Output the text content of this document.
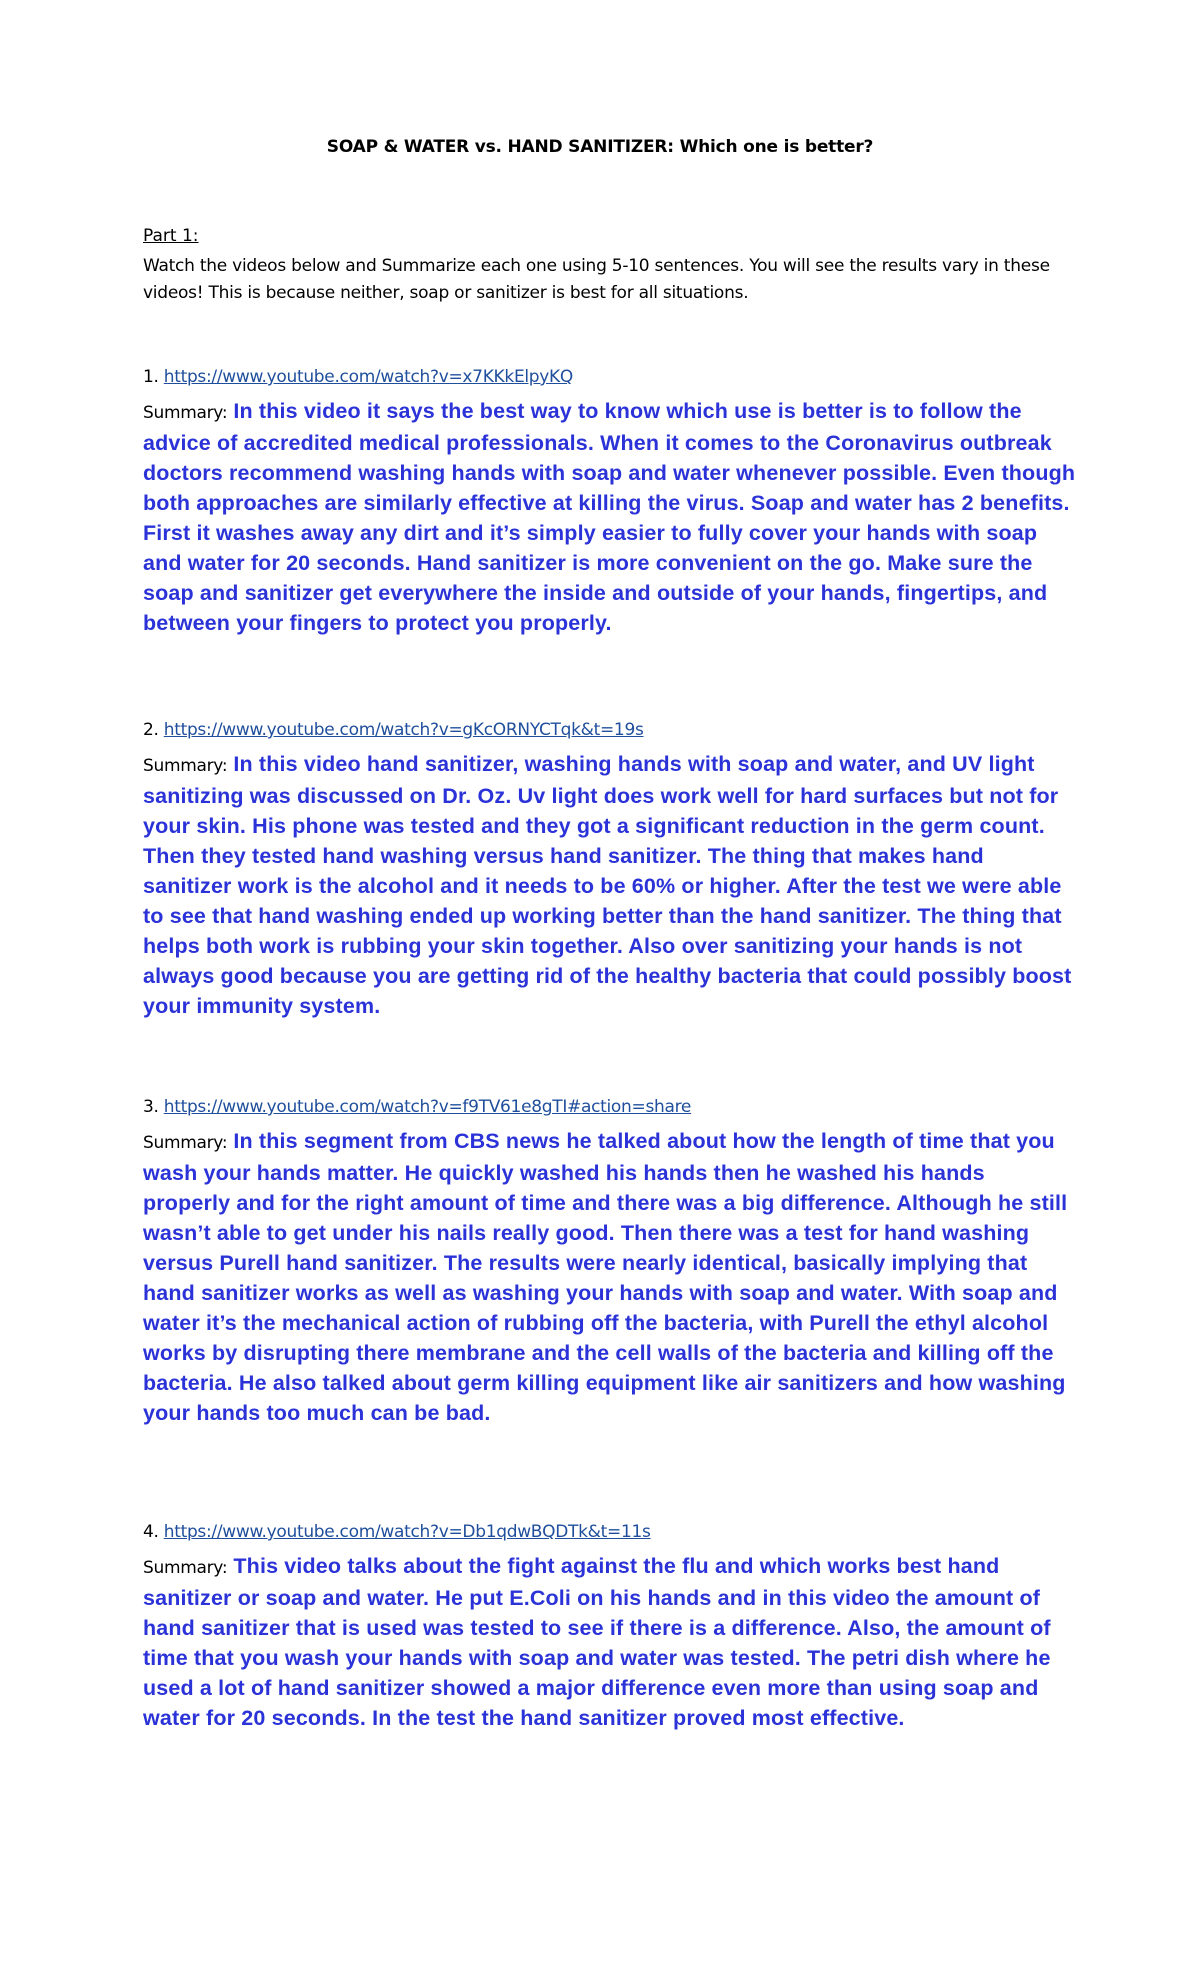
SOAP & WATER vs. HAND SANITIZER: Which one is better?
Part 1:
Watch the videos below and Summarize each one using 5-10 sentences. You will see the results vary in these videos! This is because neither, soap or sanitizer is best for all situations.
1. https://www.youtube.com/watch?v=x7KKkElpyKQ
Summary: In this video it says the best way to know which use is better is to follow the advice of accredited medical professionals. When it comes to the Coronavirus outbreak doctors recommend washing hands with soap and water whenever possible. Even though both approaches are similarly effective at killing the virus. Soap and water has 2 benefits. First it washes away any dirt and it’s simply easier to fully cover your hands with soap and water for 20 seconds. Hand sanitizer is more convenient on the go. Make sure the soap and sanitizer get everywhere the inside and outside of your hands, fingertips, and between your fingers to protect you properly.
2. https://www.youtube.com/watch?v=gKcORNYCTqk&t=19s
Summary: In this video hand sanitizer, washing hands with soap and water, and UV light sanitizing was discussed on Dr. Oz. Uv light does work well for hard surfaces but not for your skin. His phone was tested and they got a significant reduction in the germ count. Then they tested hand washing versus hand sanitizer. The thing that makes hand sanitizer work is the alcohol and it needs to be 60% or higher. After the test we were able to see that hand washing ended up working better than the hand sanitizer. The thing that helps both work is rubbing your skin together. Also over sanitizing your hands is not always good because you are getting rid of the healthy bacteria that could possibly boost your immunity system.
3. https://www.youtube.com/watch?v=f9TV61e8gTI#action=share
Summary: In this segment from CBS news he talked about how the length of time that you wash your hands matter. He quickly washed his hands then he washed his hands properly and for the right amount of time and there was a big difference. Although he still wasn’t able to get under his nails really good. Then there was a test for hand washing versus Purell hand sanitizer. The results were nearly identical, basically implying that hand sanitizer works as well as washing your hands with soap and water. With soap and water it’s the mechanical action of rubbing off the bacteria, with Purell the ethyl alcohol works by disrupting there membrane and the cell walls of the bacteria and killing off the bacteria. He also talked about germ killing equipment like air sanitizers and how washing your hands too much can be bad.
4. https://www.youtube.com/watch?v=Db1qdwBQDTk&t=11s
Summary: This video talks about the fight against the flu and which works best hand sanitizer or soap and water. He put E.Coli on his hands and in this video the amount of hand sanitizer that is used was tested to see if there is a difference. Also, the amount of time that you wash your hands with soap and water was tested. The petri dish where he used a lot of hand sanitizer showed a major difference even more than using soap and water for 20 seconds. In the test the hand sanitizer proved most effective.
